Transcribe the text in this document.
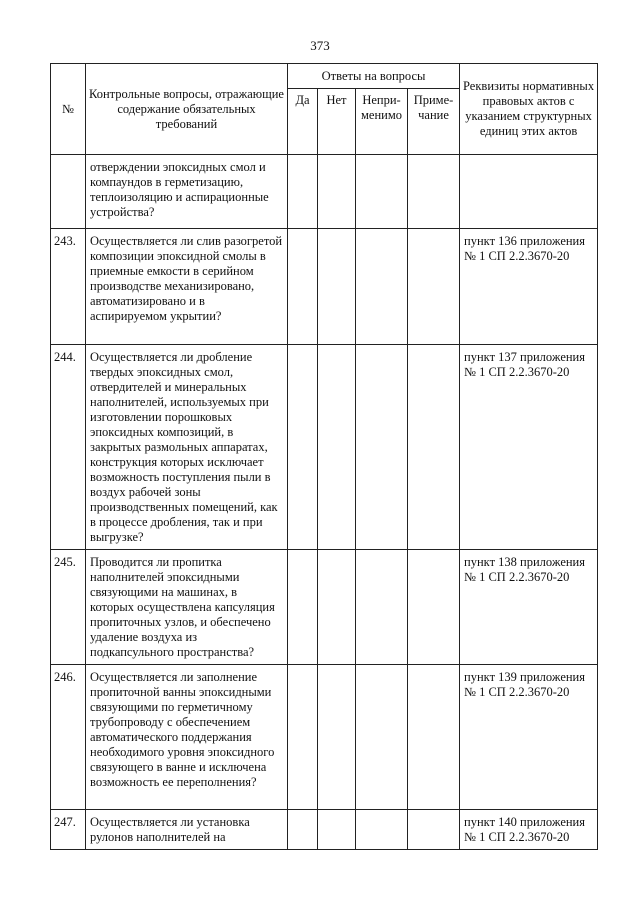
373
№	Контрольные вопросы, отражающие содержание обязательных требований	Ответы на вопросы				Реквизиты нормативных правовых актов с указанием структурных единиц этих актов
		Да	Нет	Непри-менимо	Приме-чание	
	отверждении эпоксидных смол и компаундов в герметизацию, теплоизоляцию и аспирационные устройства?					
243.	Осуществляется ли слив разогретой композиции эпоксидной смолы в приемные емкости в серийном производстве механизировано, автоматизировано и в аспирируемом укрытии?					пункт 136 приложения № 1 СП 2.2.3670-20
244.	Осуществляется ли дробление твердых эпоксидных смол, отвердителей и минеральных наполнителей, используемых при изготовлении порошковых эпоксидных композиций, в закрытых размольных аппаратах, конструкция которых исключает возможность поступления пыли в воздух рабочей зоны производственных помещений, как в процессе дробления, так и при выгрузке?					пункт 137 приложения № 1 СП 2.2.3670-20
245.	Проводится ли пропитка наполнителей эпоксидными связующими на машинах, в которых осуществлена капсуляция пропиточных узлов, и обеспечено удаление воздуха из подкапсульного пространства?					пункт 138 приложения № 1 СП 2.2.3670-20
246.	Осуществляется ли заполнение пропиточной ванны эпоксидными связующими по герметичному трубопроводу с обеспечением автоматического поддержания необходимого уровня эпоксидного связующего в ванне и исключена возможность ее переполнения?					пункт 139 приложения № 1 СП 2.2.3670-20
247.	Осуществляется ли установка рулонов наполнителей на					пункт 140 приложения № 1 СП 2.2.3670-20
